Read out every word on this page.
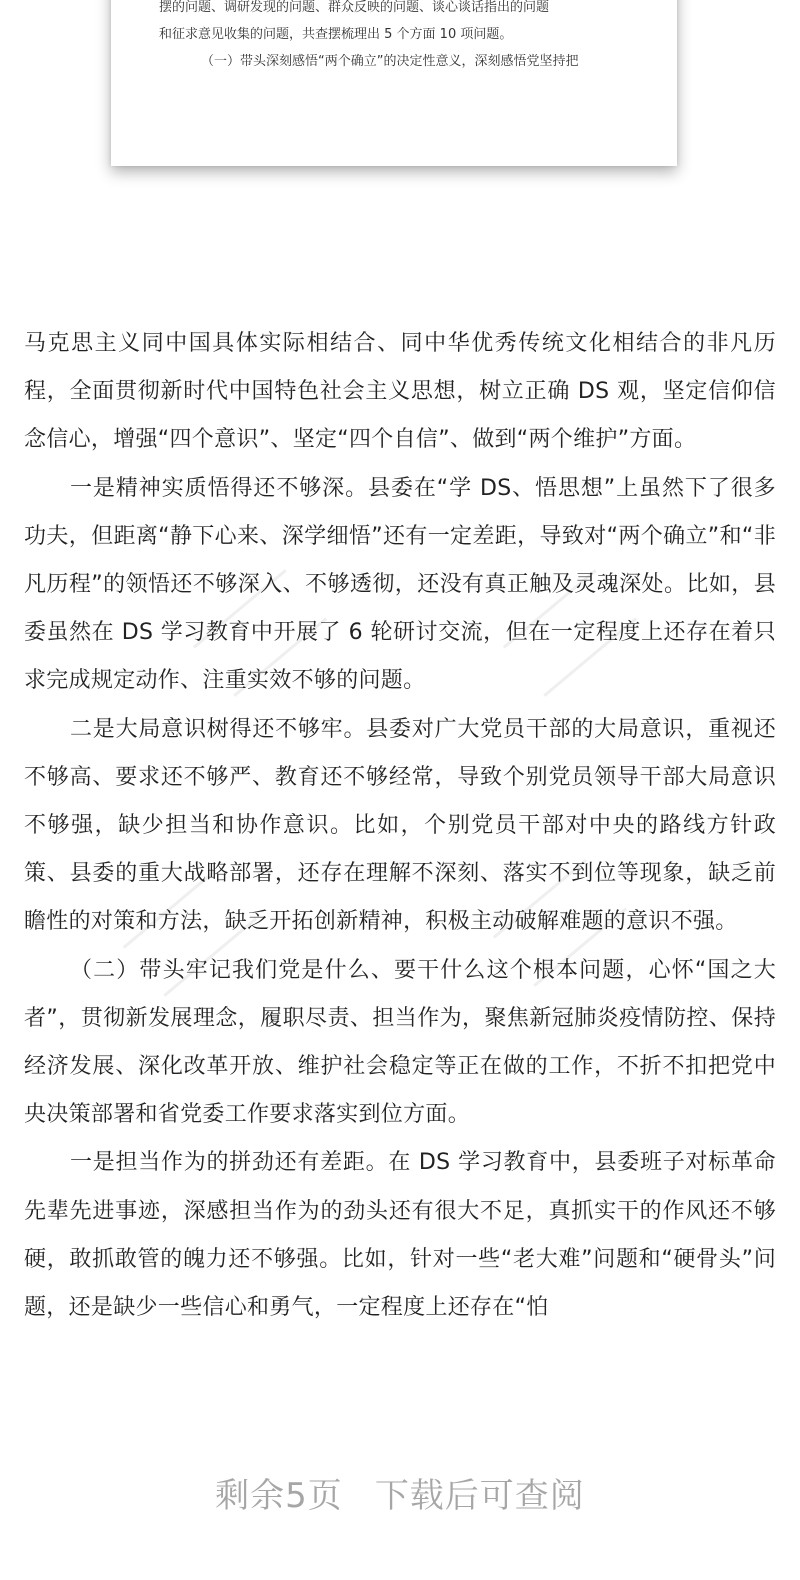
摆的问题、调研发现的问题、群众反映的问题、谈心谈话指出的问题

和征求意见收集的问题，共查摆梳理出 5 个方面 10 项问题。

（一）带头深刻感悟“两个确立”的决定性意义，深刻感悟党坚持把

马克思主义同中国具体实际相结合、同中华优秀传统文化相结合的非凡历程，全面贯彻新时代中国特色社会主义思想，树立正确 DS 观，坚定信仰信念信心，增强“四个意识”、坚定“四个自信”、做到“两个维护”方面。

一是精神实质悟得还不够深。县委在“学 DS、悟思想”上虽然下了很多功夫，但距离“静下心来、深学细悟”还有一定差距，导致对“两个确立”和“非凡历程”的领悟还不够深入、不够透彻，还没有真正触及灵魂深处。比如，县委虽然在 DS 学习教育中开展了 6 轮研讨交流，但在一定程度上还存在着只求完成规定动作、注重实效不够的问题。

二是大局意识树得还不够牢。县委对广大党员干部的大局意识，重视还不够高、要求还不够严、教育还不够经常，导致个别党员领导干部大局意识不够强，缺少担当和协作意识。比如，个别党员干部对中央的路线方针政策、县委的重大战略部署，还存在理解不深刻、落实不到位等现象，缺乏前瞻性的对策和方法，缺乏开拓创新精神，积极主动破解难题的意识不强。

（二）带头牢记我们党是什么、要干什么这个根本问题，心怀“国之大者”，贯彻新发展理念，履职尽责、担当作为，聚焦新冠肺炎疫情防控、保持经济发展、深化改革开放、维护社会稳定等正在做的工作，不折不扣把党中央决策部署和省党委工作要求落实到位方面。

一是担当作为的拼劲还有差距。在 DS 学习教育中，县委班子对标革命先辈先进事迹，深感担当作为的劲头还有很大不足，真抓实干的作风还不够硬，敢抓敢管的魄力还不够强。比如，针对一些“老大难”问题和“硬骨头”问题，还是缺少一些信心和勇气，一定程度上还存在“怕

剩余5页 下载后可查阅
